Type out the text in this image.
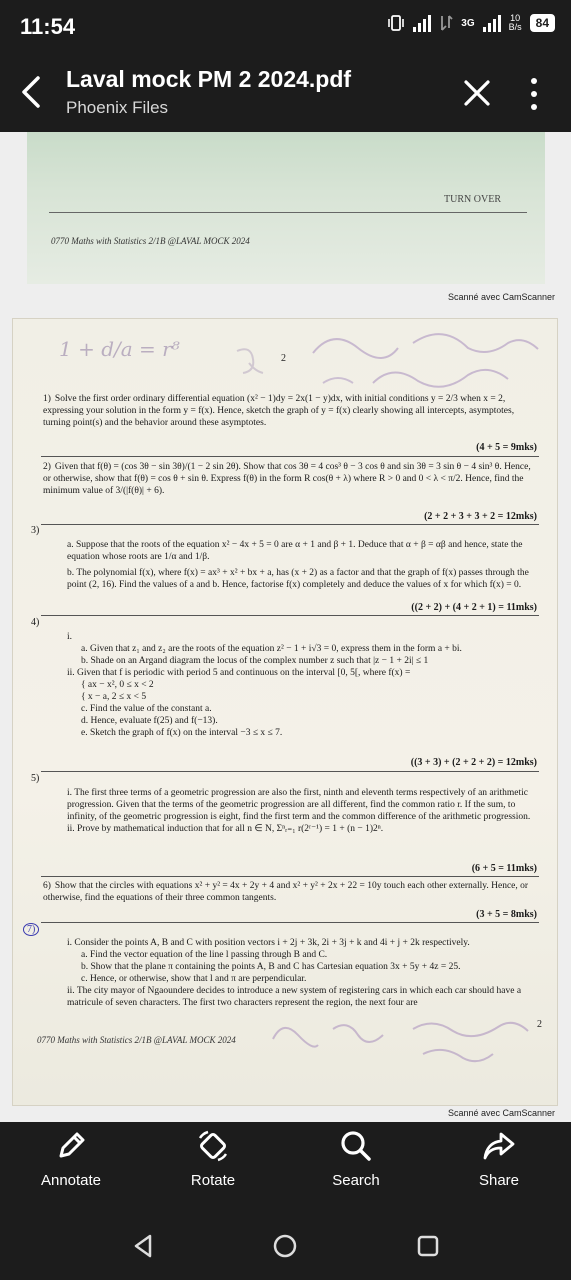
11:54	3G	10
B/s	84
Laval mock PM 2 2024.pdf
Phoenix Files
TURN OVER
0770 Maths with Statistics 2/1B @LAVAL MOCK 2024
Scanné avec CamScanner
1 + d/a = r⁸	2
1) Solve the first order ordinary differential equation (x² − 1)dy = 2x(1 − y)dx, with initial conditions y = 2/3 when x = 2, expressing your solution in the form y = f(x). Hence, sketch the graph of y = f(x) clearly showing all intercepts, asymptotes, turning point(s) and the behavior around these asymptotes.
(4 + 5 = 9mks)
2) Given that f(θ) = (cos 3θ − sin 3θ)/(1 − 2 sin 2θ). Show that cos 3θ = 4 cos³ θ − 3 cos θ and sin 3θ = 3 sin θ − 4 sin³ θ. Hence, or otherwise, show that f(θ) = cos θ + sin θ. Express f(θ) in the form R cos(θ + λ) where R > 0 and 0 < λ < π/2. Hence, find the minimum value of 3/(|f(θ)| + 6).
(2 + 2 + 3 + 3 + 2 = 12mks)
3)
a. Suppose that the roots of the equation x² − 4x + 5 = 0 are α + 1 and β + 1. Deduce that α + β = αβ and hence, state the equation whose roots are 1/α and 1/β.
b. The polynomial f(x), where f(x) = ax³ + x² + bx + a, has (x + 2) as a factor and that the graph of f(x) passes through the point (2, 16). Find the values of a and b. Hence, factorise f(x) completely and deduce the values of x for which f(x) = 0.
((2 + 2) + (4 + 2 + 1) = 11mks)
4)
i.
a. Given that z₁ and z₂ are the roots of the equation z² − 1 + i√3 = 0, express them in the form a + bi.
b. Shade on an Argand diagram the locus of the complex number z such that |z − 1 + 2i| ≤ 1
ii. Given that f is periodic with period 5 and continuous on the interval [0, 5[, where f(x) =
{ ax − x², 0 ≤ x < 2
{ x − a, 2 ≤ x < 5
c. Find the value of the constant a.
d. Hence, evaluate f(25) and f(−13).
e. Sketch the graph of f(x) on the interval −3 ≤ x ≤ 7.
((3 + 3) + (2 + 2 + 2) = 12mks)
5)
i. The first three terms of a geometric progression are also the first, ninth and eleventh terms respectively of an arithmetic progression. Given that the terms of the geometric progression are all different, find the common ratio r. If the sum, to infinity, of the geometric progression is eight, find the first term and the common difference of the arithmetic progression.
ii. Prove by mathematical induction that for all n ∈ N, Σⁿᵣ₌₁ r(2ʳ⁻¹) = 1 + (n − 1)2ⁿ.
(6 + 5 = 11mks)
6) Show that the circles with equations x² + y² = 4x + 2y + 4 and x² + y² + 2x + 22 = 10y touch each other externally. Hence, or otherwise, find the equations of their three common tangents.
(3 + 5 = 8mks)
7)
i. Consider the points A, B and C with position vectors i + 2j + 3k, 2i + 3j + k and 4i + j + 2k respectively.
a. Find the vector equation of the line l passing through B and C.
b. Show that the plane π containing the points A, B and C has Cartesian equation 3x + 5y + 4z = 25.
c. Hence, or otherwise, show that l and π are perpendicular.
ii. The city mayor of Ngaoundere decides to introduce a new system of registering cars in which each car should have a matricule of seven characters. The first two characters represent the region, the next four are
0770 Maths with Statistics 2/1B @LAVAL MOCK 2024
2
Scanné avec CamScanner
Annotate	Rotate	Search	Share
